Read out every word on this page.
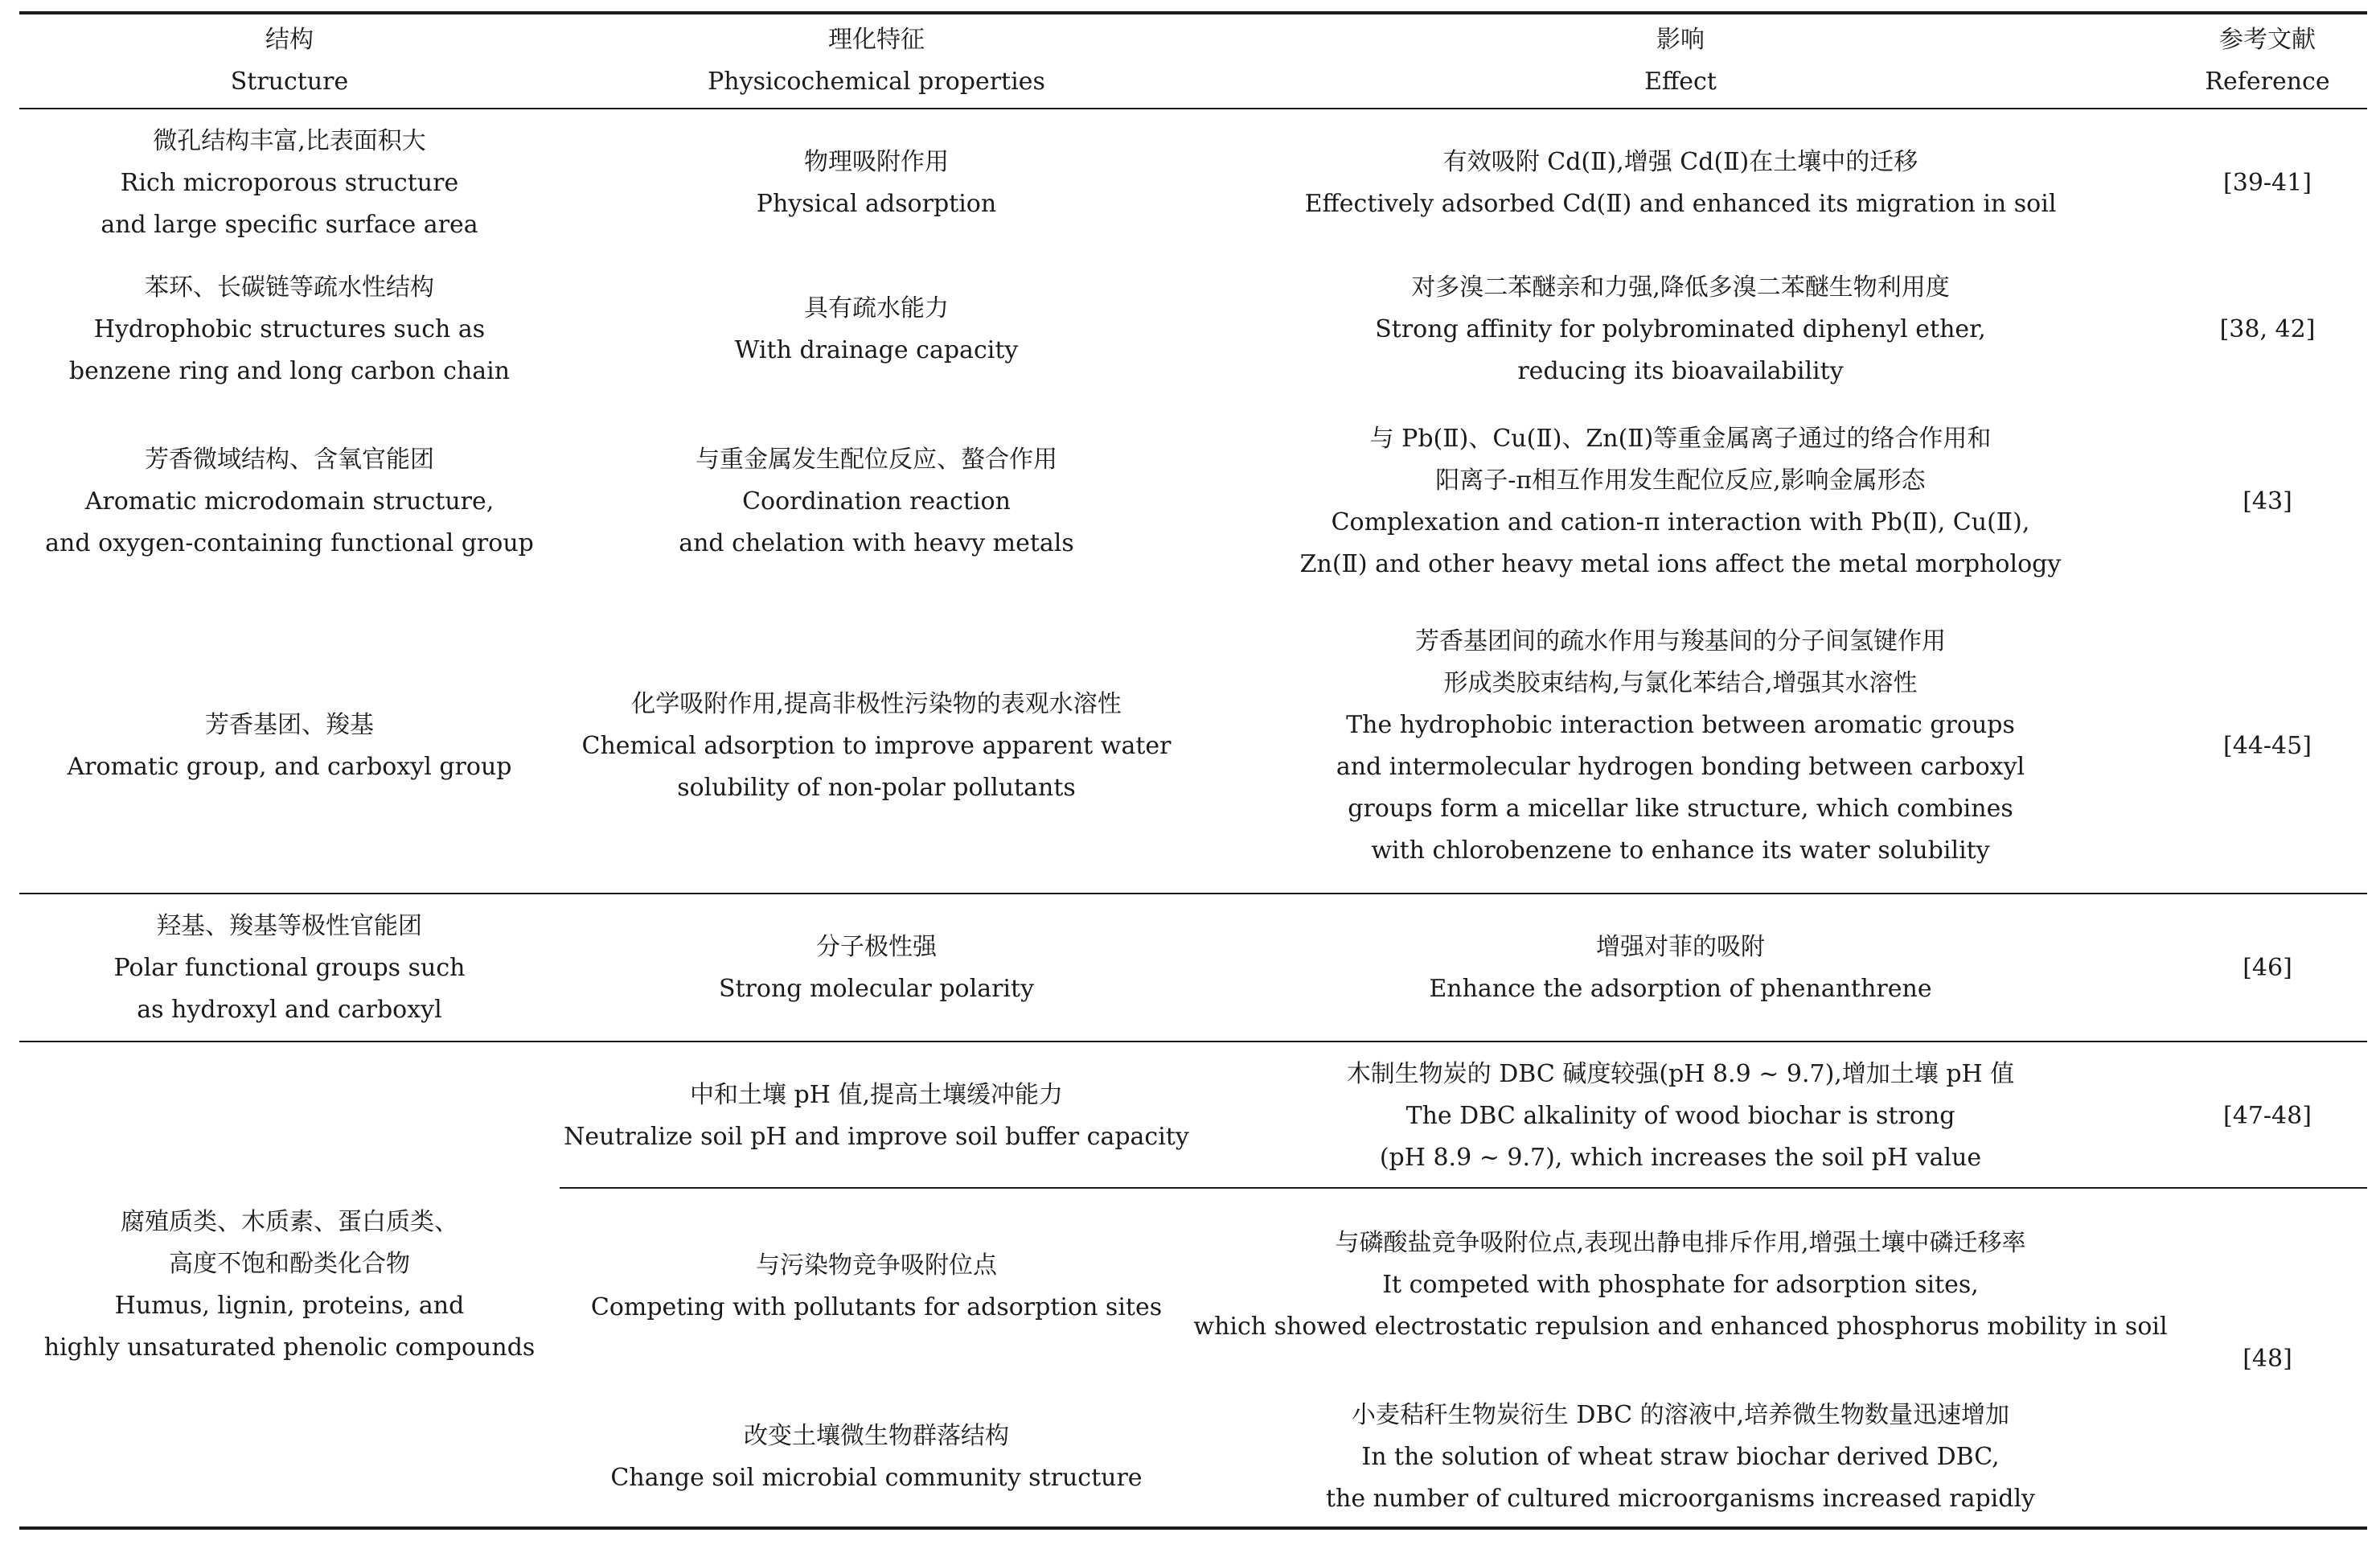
结构
Structure
理化特征
Physicochemical properties
影响
Effect
参考文献
Reference
微孔结构丰富,比表面积大
Rich microporous structure
and large specific surface area
物理吸附作用
Physical adsorption
有效吸附 Cd(Ⅱ),增强 Cd(Ⅱ)在土壤中的迁移
Effectively adsorbed Cd(Ⅱ) and enhanced its migration in soil
[39-41]
苯环、长碳链等疏水性结构
Hydrophobic structures such as
benzene ring and long carbon chain
具有疏水能力
With drainage capacity
对多溴二苯醚亲和力强,降低多溴二苯醚生物利用度
Strong affinity for polybrominated diphenyl ether,
reducing its bioavailability
[38, 42]
芳香微域结构、含氧官能团
Aromatic microdomain structure,
and oxygen-containing functional group
与重金属发生配位反应、螯合作用
Coordination reaction
and chelation with heavy metals
与 Pb(Ⅱ)、Cu(Ⅱ)、Zn(Ⅱ)等重金属离子通过的络合作用和
阳离子-π相互作用发生配位反应,影响金属形态
Complexation and cation-π interaction with Pb(Ⅱ), Cu(Ⅱ),
Zn(Ⅱ) and other heavy metal ions affect the metal morphology
[43]
芳香基团、羧基
Aromatic group, and carboxyl group
化学吸附作用,提高非极性污染物的表观水溶性
Chemical adsorption to improve apparent water
solubility of non-polar pollutants
芳香基团间的疏水作用与羧基间的分子间氢键作用
形成类胶束结构,与氯化苯结合,增强其水溶性
The hydrophobic interaction between aromatic groups
and intermolecular hydrogen bonding between carboxyl
groups form a micellar like structure, which combines
with chlorobenzene to enhance its water solubility
[44-45]
羟基、羧基等极性官能团
Polar functional groups such
as hydroxyl and carboxyl
分子极性强
Strong molecular polarity
增强对菲的吸附
Enhance the adsorption of phenanthrene
[46]
腐殖质类、木质素、蛋白质类、
高度不饱和酚类化合物
Humus, lignin, proteins, and
highly unsaturated phenolic compounds
中和土壤 pH 值,提高土壤缓冲能力
Neutralize soil pH and improve soil buffer capacity
木制生物炭的 DBC 碱度较强(pH 8.9 ~ 9.7),增加土壤 pH 值
The DBC alkalinity of wood biochar is strong
(pH 8.9 ~ 9.7), which increases the soil pH value
[47-48]
与污染物竞争吸附位点
Competing with pollutants for adsorption sites
与磷酸盐竞争吸附位点,表现出静电排斥作用,增强土壤中磷迁移率
It competed with phosphate for adsorption sites,
which showed electrostatic repulsion and enhanced phosphorus mobility in soil
[48]
改变土壤微生物群落结构
Change soil microbial community structure
小麦秸秆生物炭衍生 DBC 的溶液中,培养微生物数量迅速增加
In the solution of wheat straw biochar derived DBC,
the number of cultured microorganisms increased rapidly
